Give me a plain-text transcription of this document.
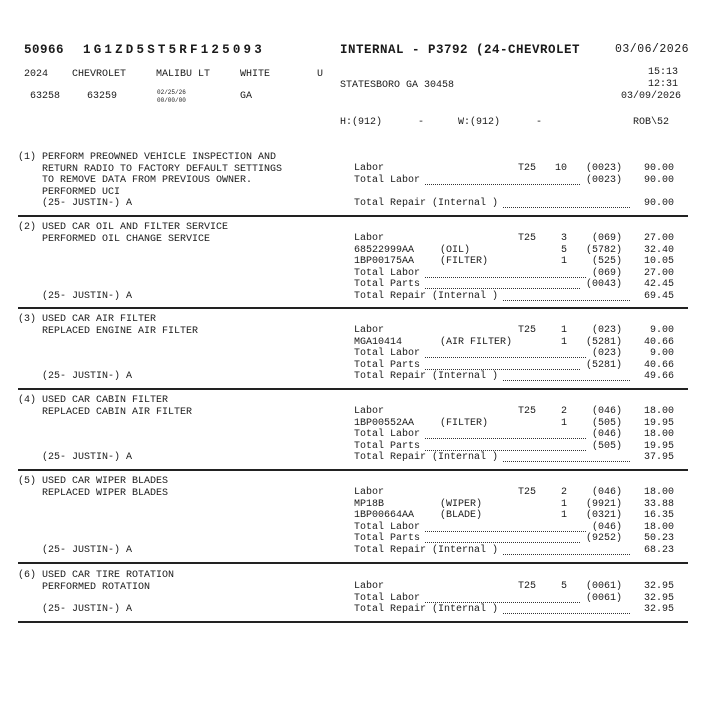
50966 1G1ZD5ST5RF125093	INTERNAL - P3792 (24-CHEVROLET	03/06/2026
2024 CHEVROLET	MALIBU LT	WHITE	U	15:13
12:31
STATESBORO GA 30458
03/09/2026
63258	63259	02/25/26
00/00/00	GA
H:(912)      -	W:(912)      -	ROB\52
(1) PERFORM PREOWNED VEHICLE INSPECTION AND
RETURN RADIO TO FACTORY DEFAULT SETTINGS
TO REMOVE DATA FROM PREVIOUS OWNER.
PERFORMED UCI
Labor	T25	10	(0023)	90.00
Total Labor	(0023)	90.00
Total Repair (Internal )	90.00
(25- JUSTIN-) A
(2) USED CAR OIL AND FILTER SERVICE
PERFORMED OIL CHANGE SERVICE	Labor	T25	3	(069)	27.00
68522999AA	(OIL)	5	(5782)	32.40
1BP00175AA	(FILTER)	1	(525)	10.05
Total Labor	(069)	27.00
Total Parts	(0043)	42.45
Total Repair (Internal )	69.45
(25- JUSTIN-) A
(3) USED CAR AIR FILTER
REPLACED ENGINE AIR FILTER	Labor	T25	1	(023)	9.00
MGA10414	(AIR FILTER)	1	(5281)	40.66
Total Labor	(023)	9.00
Total Parts	(5281)	40.66
Total Repair (Internal )	49.66
(25- JUSTIN-) A
(4) USED CAR CABIN FILTER
REPLACED CABIN AIR FILTER	Labor	T25	2	(046)	18.00
1BP00552AA	(FILTER)	1	(505)	19.95
Total Labor	(046)	18.00
Total Parts	(505)	19.95
Total Repair (Internal )	37.95
(25- JUSTIN-) A
(5) USED CAR WIPER BLADES
REPLACED WIPER BLADES	Labor	T25	2	(046)	18.00
MP18B	(WIPER)	1	(9921)	33.88
1BP00664AA	(BLADE)	1	(0321)	16.35
Total Labor	(046)	18.00
Total Parts	(9252)	50.23
Total Repair (Internal )	68.23
(25- JUSTIN-) A
(6) USED CAR TIRE ROTATION
PERFORMED ROTATION	Labor	T25	5	(0061)	32.95
Total Labor	(0061)	32.95
Total Repair (Internal )	32.95
(25- JUSTIN-) A
